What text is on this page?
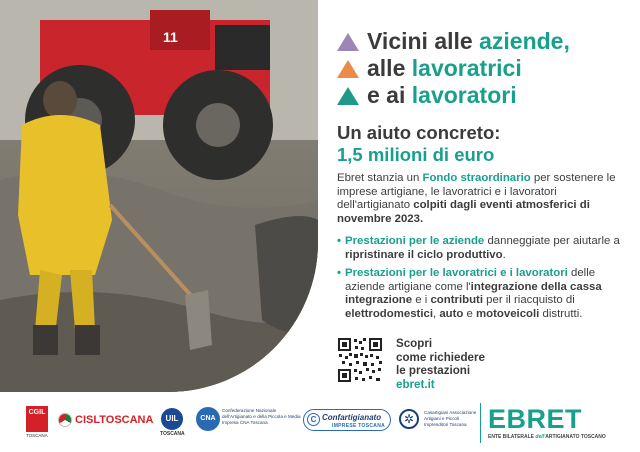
11	Vicini alle aziende,
alle lavoratrici
e ai lavoratori
Un aiuto concreto:
1,5 milioni di euro
Ebret stanzia un Fondo straordinario per sostenere le imprese artigiane, le lavoratrici e i lavoratori dell'artigianato colpiti dagli eventi atmosferici di novembre 2023.
• Prestazioni per le aziende danneggiate per aiutarle a ripristinare il ciclo produttivo.
• Prestazioni per le lavoratrici e i lavoratori delle aziende artigiane come l'integrazione della cassa integrazione e i contributi per il riacquisto di elettrodomestici, auto e motoveicoli distrutti.
Scopri
come richiedere
le prestazioni
ebret.it
CGIL
TOSCANA
CISLTOSCANA	UIL
TOSCANA
CNA
Confederazione Nazionale dell'Artigianato e della Piccola e Media Impresa CNA Toscana	C Confartigianato
IMPRESE TOSCANA	✲	Casartigiani Associazione Artigiani e Piccoli Imprenditori Toscana EBRET
ENTE BILATERALE dell'ARTIGIANATO TOSCANO
